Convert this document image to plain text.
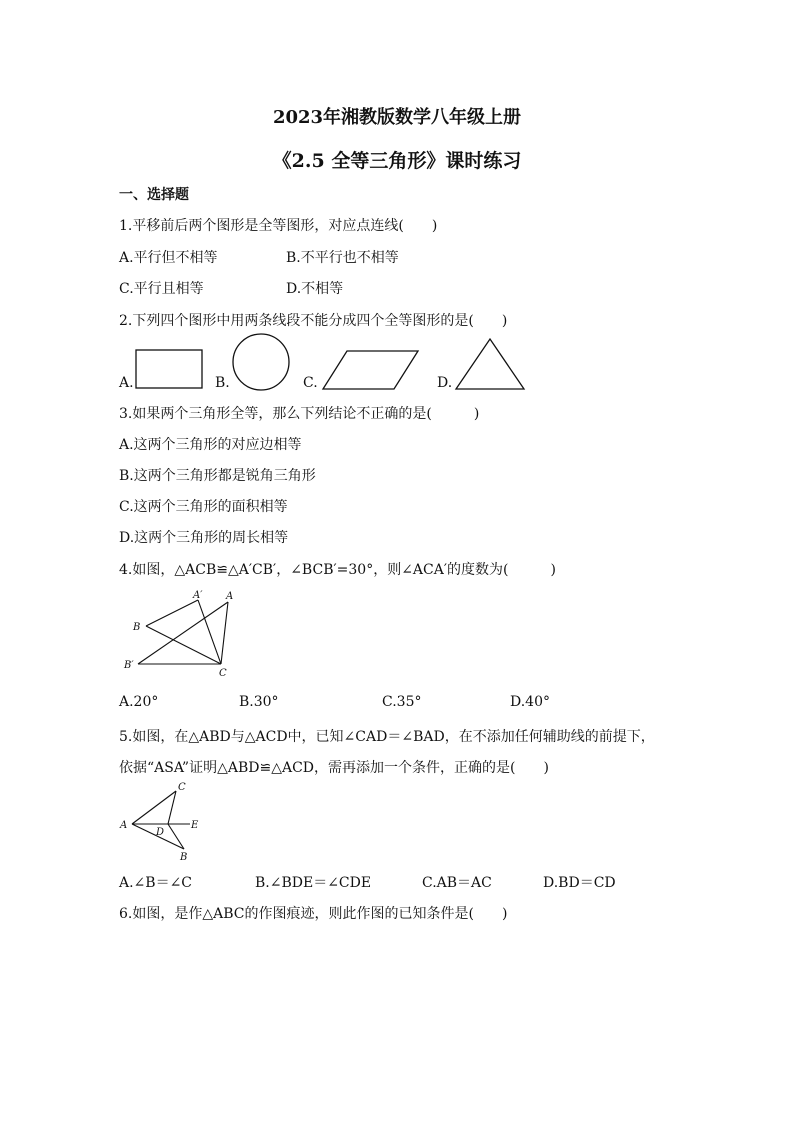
2023年湘教版数学八年级上册
《2.5 全等三角形》课时练习
一、选择题
1.平移前后两个图形是全等图形，对应点连线(　　)
A.平行但不相等	B.不平行也不相等
C.平行且相等	D.不相等
2.下列四个图形中用两条线段不能分成四个全等图形的是(　　)
A.	B.	C.	D.
3.如果两个三角形全等，那么下列结论不正确的是(　　　)
A.这两个三角形的对应边相等
B.这两个三角形都是锐角三角形
C.这两个三角形的面积相等
D.这两个三角形的周长相等
4.如图，△ACB≌△A′CB′，∠BCB′=30°，则∠ACA′的度数为(　　　)
A′ A
B
B′
C
A.20°	B.30°	C.35°	D.40°
5.如图，在△ABD与△ACD中，已知∠CAD＝∠BAD，在不添加任何辅助线的前提下，
依据“ASA”证明△ABD≌△ACD，需再添加一个条件，正确的是(　　)
C
A
D
E
B
A.∠B＝∠C	B.∠BDE＝∠CDE	C.AB＝AC	D.BD＝CD
6.如图，是作△ABC的作图痕迹，则此作图的已知条件是(　　)
